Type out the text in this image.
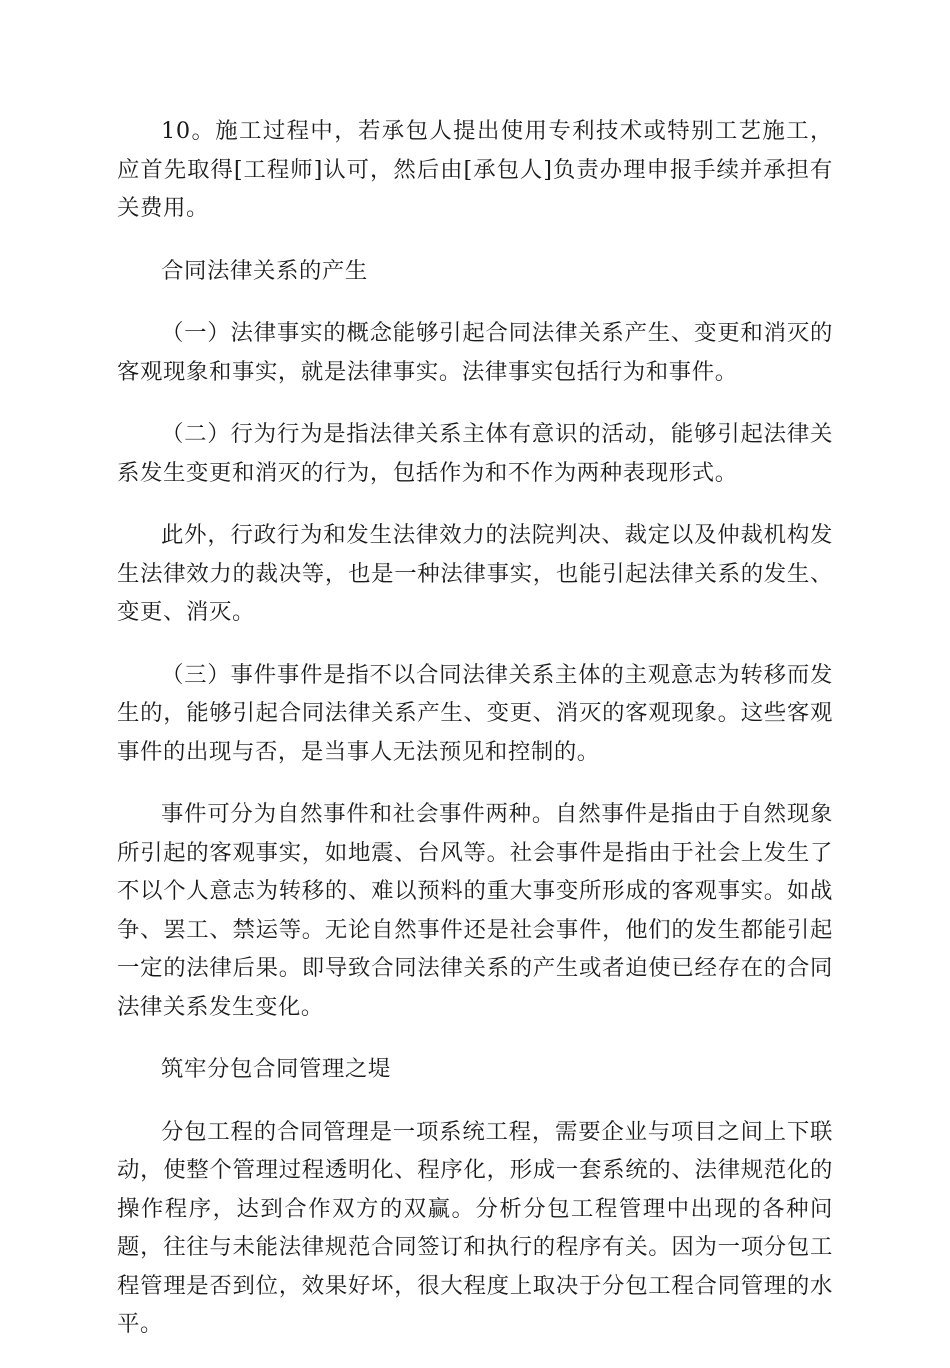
10。施工过程中，若承包人提出使用专利技术或特别工艺施工，应首先取得[工程师]认可，然后由[承包人]负责办理申报手续并承担有关费用。

合同法律关系的产生

（一）法律事实的概念能够引起合同法律关系产生、变更和消灭的客观现象和事实，就是法律事实。法律事实包括行为和事件。

（二）行为行为是指法律关系主体有意识的活动，能够引起法律关系发生变更和消灭的行为，包括作为和不作为两种表现形式。

此外，行政行为和发生法律效力的法院判决、裁定以及仲裁机构发生法律效力的裁决等，也是一种法律事实，也能引起法律关系的发生、变更、消灭。

（三）事件事件是指不以合同法律关系主体的主观意志为转移而发生的，能够引起合同法律关系产生、变更、消灭的客观现象。这些客观事件的出现与否，是当事人无法预见和控制的。

事件可分为自然事件和社会事件两种。自然事件是指由于自然现象所引起的客观事实，如地震、台风等。社会事件是指由于社会上发生了不以个人意志为转移的、难以预料的重大事变所形成的客观事实。如战争、罢工、禁运等。无论自然事件还是社会事件，他们的发生都能引起一定的法律后果。即导致合同法律关系的产生或者迫使已经存在的合同法律关系发生变化。

筑牢分包合同管理之堤

分包工程的合同管理是一项系统工程，需要企业与项目之间上下联动，使整个管理过程透明化、程序化，形成一套系统的、法律规范化的操作程序，达到合作双方的双赢。分析分包工程管理中出现的各种问题，往往与未能法律规范合同签订和执行的程序有关。因为一项分包工程管理是否到位，效果好坏，很大程度上取决于分包工程合同管理的水平。
